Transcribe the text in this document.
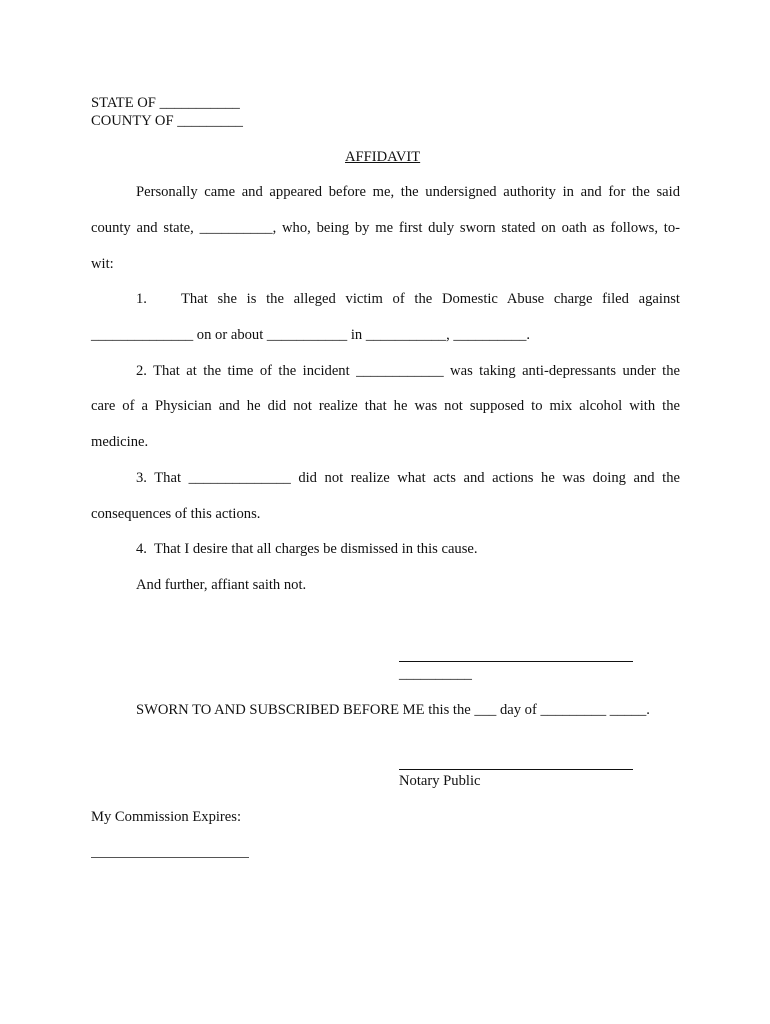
STATE OF ___________
COUNTY OF _________
AFFIDAVIT
Personally came and appeared before me, the undersigned authority in and for the said
county and state, __________, who, being by me first duly sworn stated on oath as follows, to-
wit:
1. That she is the alleged victim of the Domestic Abuse charge filed against
______________ on or about ___________ in ___________, __________.
2. That at the time of the incident ____________ was taking anti-depressants under the
care of a Physician and he did not realize that he was not supposed to mix alcohol with the
medicine.
3. That ______________ did not realize what acts and actions he was doing and the
consequences of this actions.
4.  That I desire that all charges be dismissed in this cause.
And further, affiant saith not.
__________
SWORN TO AND SUBSCRIBED BEFORE ME this the ___ day of _________ _____.
Notary Public
My Commission Expires:
